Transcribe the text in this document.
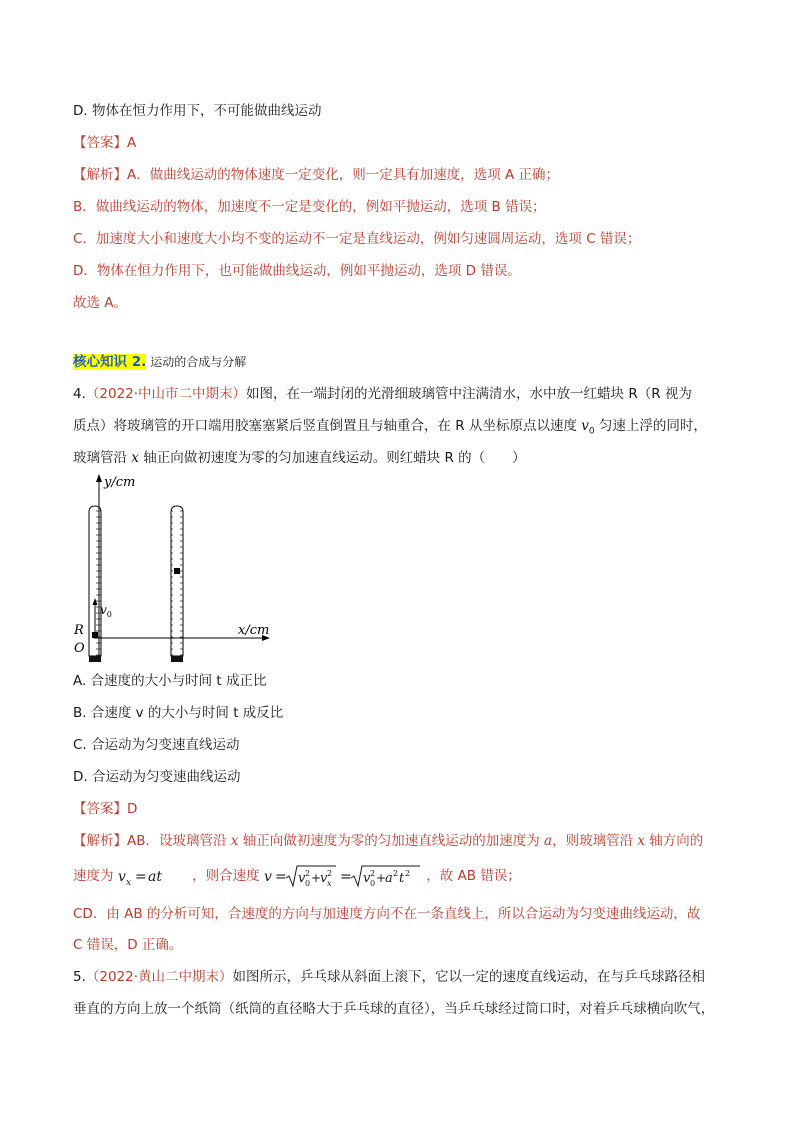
D. 物体在恒力作用下，不可能做曲线运动
【答案】A
【解析】A．做曲线运动的物体速度一定变化，则一定具有加速度，选项 A 正确；
B．做曲线运动的物体，加速度不一定是变化的，例如平抛运动，选项 B 错误；
C．加速度大小和速度大小均不变的运动不一定是直线运动，例如匀速圆周运动，选项 C 错误；
D．物体在恒力作用下，也可能做曲线运动，例如平抛运动，选项 D 错误。
故选 A。
核心知识 2. 运动的合成与分解
4.（2022·中山市二中期末）如图，在一端封闭的光滑细玻璃管中注满清水，水中放一红蜡块 R（R 视为
质点）将玻璃管的开口端用胶塞塞紧后竖直倒置且与轴重合，在 R 从坐标原点以速度 $v_0$ 匀速上浮的同时，
玻璃管沿 x 轴正向做初速度为零的匀加速直线运动。则红蜡块 R 的（　　）
y/cm
$v_0$
R
O
x/cm
A. 合速度的大小与时间 t 成正比
B. 合速度 v 的大小与时间 t 成反比
C. 合运动为匀变速直线运动
D. 合运动为匀变速曲线运动
【答案】D
【解析】AB．设玻璃管沿 x 轴正向做初速度为零的匀加速直线运动的加速度为 a，则玻璃管沿 x 轴方向的
速度为 v x = at ，则合速度 v = v 2
0 +
v 2
x = v 2
0 +
a 2 t 2 ，故 AB 错误；
CD．由 AB 的分析可知，合速度的方向与加速度方向不在一条直线上，所以合运动为匀变速曲线运动，故
C 错误，D 正确。
5.（2022·黄山二中期末）如图所示，乒乓球从斜面上滚下，它以一定的速度直线运动，在与乒乓球路径相
垂直的方向上放一个纸筒（纸筒的直径略大于乒乓球的直径），当乒乓球经过筒口时，对着乒乓球横向吹气，
